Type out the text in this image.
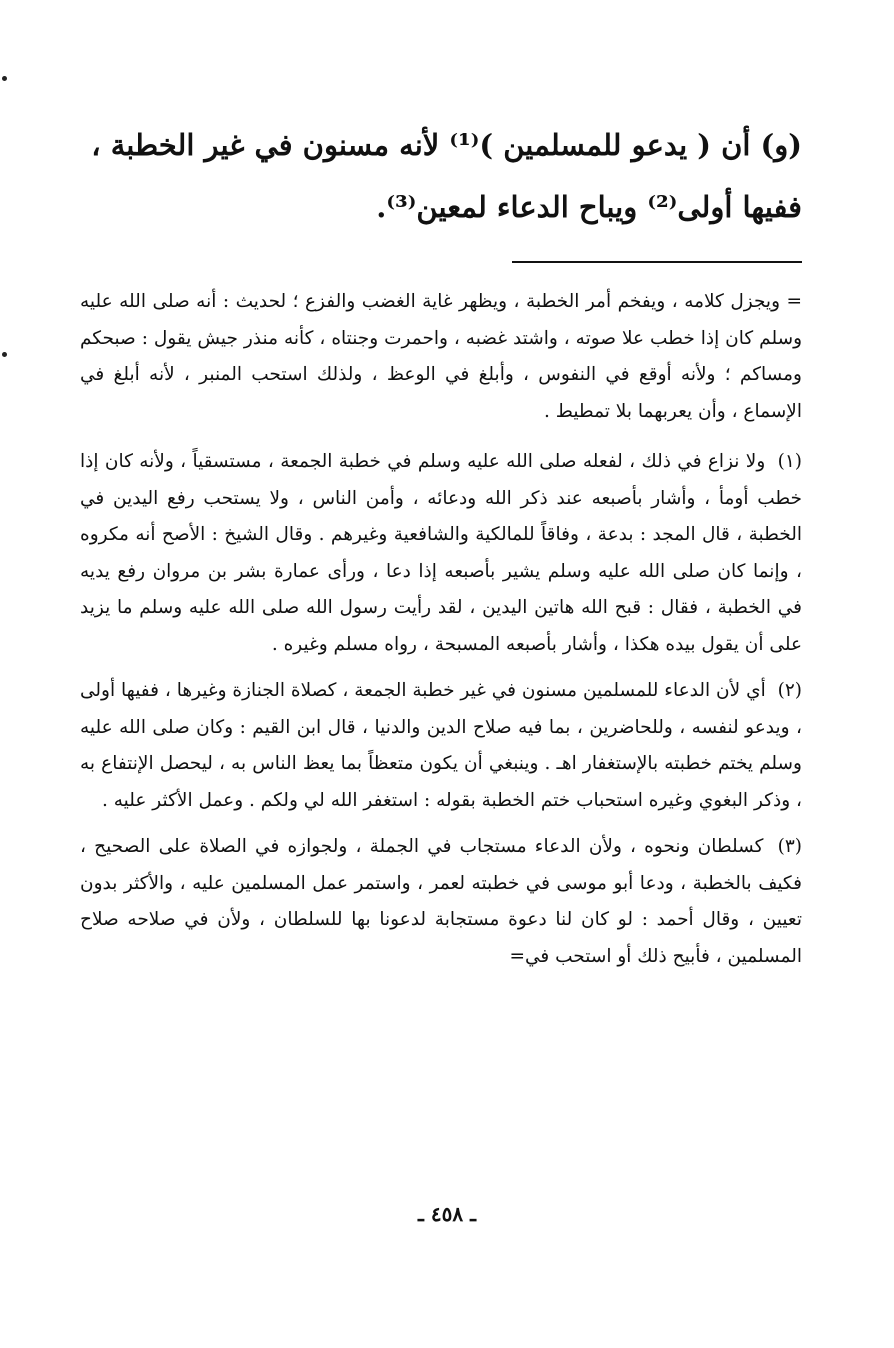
(و) أن ( يدعو للمسلمين )⁽¹⁾ لأنه مسنون في غير الخطبة ،

ففيها أولى⁽²⁾ ويباح الدعاء لمعين⁽³⁾.

= ويجزل كلامه ، ويفخم أمر الخطبة ، ويظهر غاية الغضب والفزع ؛ لحديث : أنه صلى الله عليه وسلم كان إذا خطب علا صوته ، واشتد غضبه ، واحمرت وجنتاه ، كأنه منذر جيش يقول : صبحكم ومساكم ؛ ولأنه أوقع في النفوس ، وأبلغ في الوعظ ، ولذلك استحب المنبر ، لأنه أبلغ في الإسماع ، وأن يعربهما بلا تمطيط .

(١) ولا نزاع في ذلك ، لفعله صلى الله عليه وسلم في خطبة الجمعة ، مستسقياً ، ولأنه كان إذا خطب أومأ ، وأشار بأصبعه عند ذكر الله ودعائه ، وأمن الناس ، ولا يستحب رفع اليدين في الخطبة ، قال المجد : بدعة ، وفاقاً للمالكية والشافعية وغيرهم . وقال الشيخ : الأصح أنه مكروه ، وإنما كان صلى الله عليه وسلم يشير بأصبعه إذا دعا ، ورأى عمارة بشر بن مروان رفع يديه في الخطبة ، فقال : قبح الله هاتين اليدين ، لقد رأيت رسول الله صلى الله عليه وسلم ما يزيد على أن يقول بيده هكذا ، وأشار بأصبعه المسبحة ، رواه مسلم وغيره .

(٢) أي لأن الدعاء للمسلمين مسنون في غير خطبة الجمعة ، كصلاة الجنازة وغيرها ، ففيها أولى ، ويدعو لنفسه ، وللحاضرين ، بما فيه صلاح الدين والدنيا ، قال ابن القيم : وكان صلى الله عليه وسلم يختم خطبته بالإستغفار اهـ . وينبغي أن يكون متعظاً بما يعظ الناس به ، ليحصل الإنتفاع به ، وذكر البغوي وغيره استحباب ختم الخطبة بقوله : استغفر الله لي ولكم . وعمل الأكثر عليه .

(٣) كسلطان ونحوه ، ولأن الدعاء مستجاب في الجملة ، ولجوازه في الصلاة على الصحيح ، فكيف بالخطبة ، ودعا أبو موسى في خطبته لعمر ، واستمر عمل المسلمين عليه ، والأكثر بدون تعيين ، وقال أحمد : لو كان لنا دعوة مستجابة لدعونا بها للسلطان ، ولأن في صلاحه صلاح المسلمين ، فأبيح ذلك أو استحب في=

ـ ٤٥٨ ـ
